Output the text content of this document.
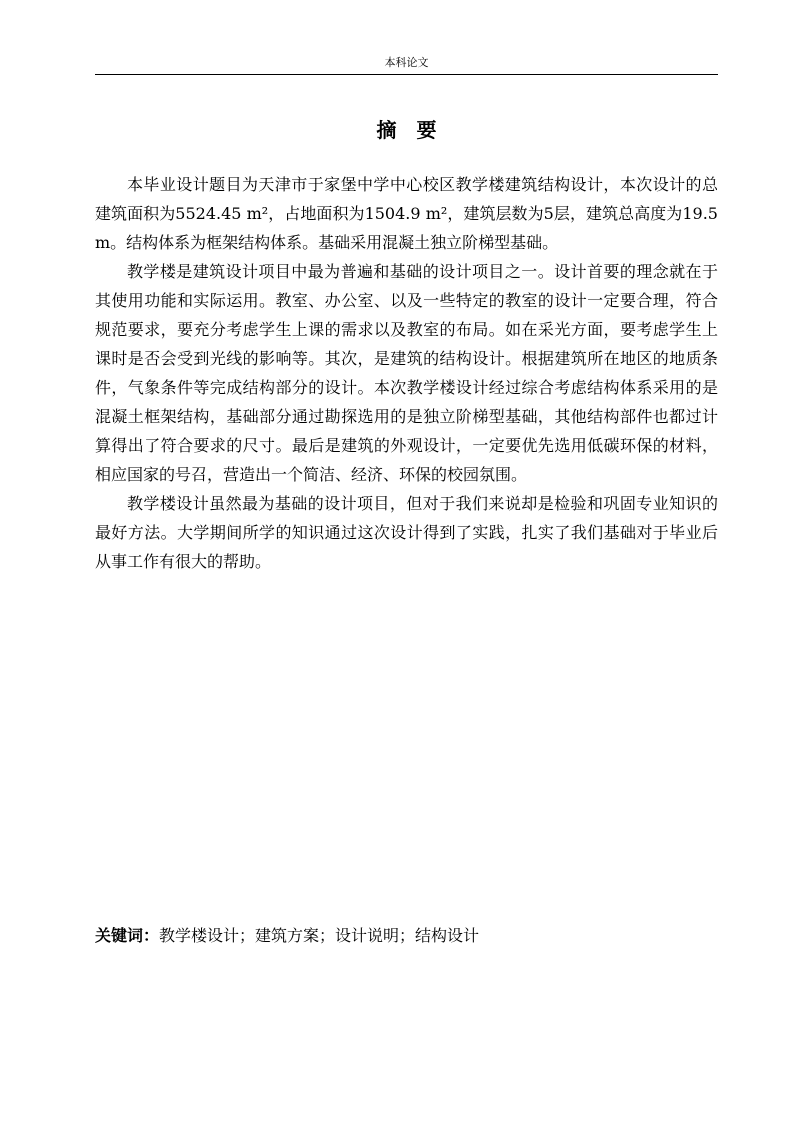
本科论文
摘 要

本毕业设计题目为天津市于家堡中学中心校区教学楼建筑结构设计，本次设计的总建筑面积为5524.45 m²，占地面积为1504.9 m²，建筑层数为5层，建筑总高度为19.5 m。结构体系为框架结构体系。基础采用混凝土独立阶梯型基础。

教学楼是建筑设计项目中最为普遍和基础的设计项目之一。设计首要的理念就在于其使用功能和实际运用。教室、办公室、以及一些特定的教室的设计一定要合理，符合规范要求，要充分考虑学生上课的需求以及教室的布局。如在采光方面，要考虑学生上课时是否会受到光线的影响等。其次，是建筑的结构设计。根据建筑所在地区的地质条件，气象条件等完成结构部分的设计。本次教学楼设计经过综合考虑结构体系采用的是混凝土框架结构，基础部分通过勘探选用的是独立阶梯型基础，其他结构部件也都过计算得出了符合要求的尺寸。最后是建筑的外观设计，一定要优先选用低碳环保的材料，相应国家的号召，营造出一个简洁、经济、环保的校园氛围。

教学楼设计虽然最为基础的设计项目，但对于我们来说却是检验和巩固专业知识的最好方法。大学期间所学的知识通过这次设计得到了实践，扎实了我们基础对于毕业后从事工作有很大的帮助。

关键词：教学楼设计；建筑方案；设计说明；结构设计
